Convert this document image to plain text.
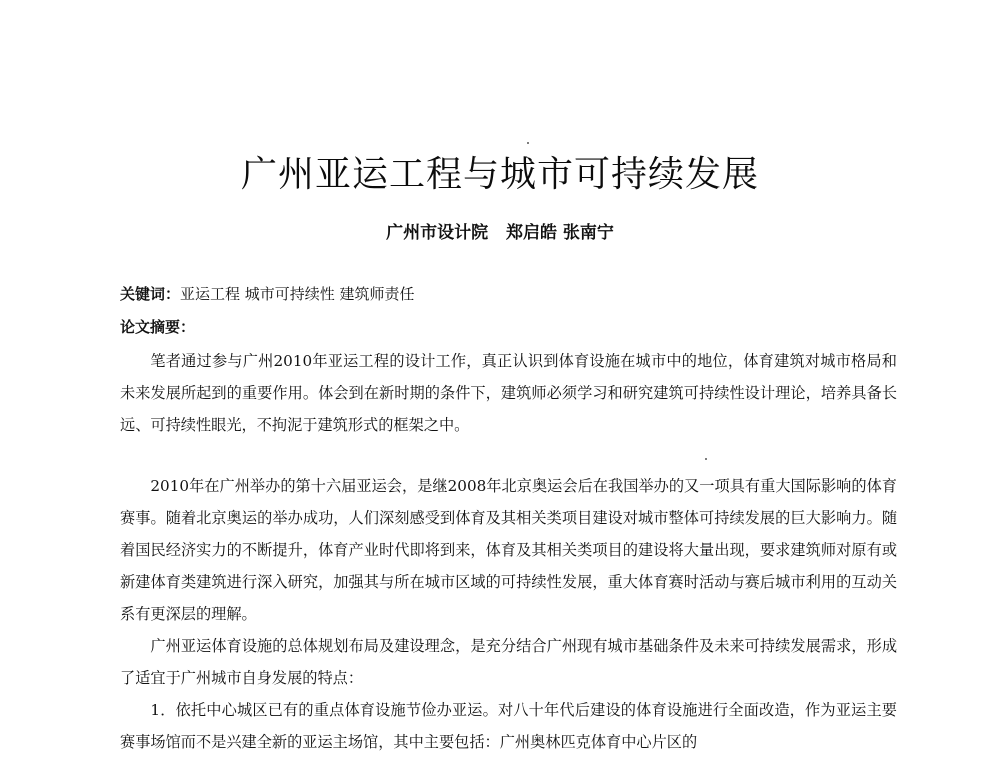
广州亚运工程与城市可持续发展
广州市设计院 郑启皓 张南宁
关键词：亚运工程 城市可持续性 建筑师责任
论文摘要：

笔者通过参与广州2010年亚运工程的设计工作，真正认识到体育设施在城市中的地位，体育建筑对城市格局和未来发展所起到的重要作用。体会到在新时期的条件下，建筑师必须学习和研究建筑可持续性设计理论，培养具备长远、可持续性眼光，不拘泥于建筑形式的框架之中。

2010年在广州举办的第十六届亚运会，是继2008年北京奥运会后在我国举办的又一项具有重大国际影响的体育赛事。随着北京奥运的举办成功，人们深刻感受到体育及其相关类项目建设对城市整体可持续发展的巨大影响力。随着国民经济实力的不断提升，体育产业时代即将到来，体育及其相关类项目的建设将大量出现，要求建筑师对原有或新建体育类建筑进行深入研究，加强其与所在城市区域的可持续性发展，重大体育赛时活动与赛后城市利用的互动关系有更深层的理解。

广州亚运体育设施的总体规划布局及建设理念，是充分结合广州现有城市基础条件及未来可持续发展需求，形成了适宜于广州城市自身发展的特点：

1．依托中心城区已有的重点体育设施节俭办亚运。对八十年代后建设的体育设施进行全面改造，作为亚运主要赛事场馆而不是兴建全新的亚运主场馆，其中主要包括：广州奥林匹克体育中心片区的
